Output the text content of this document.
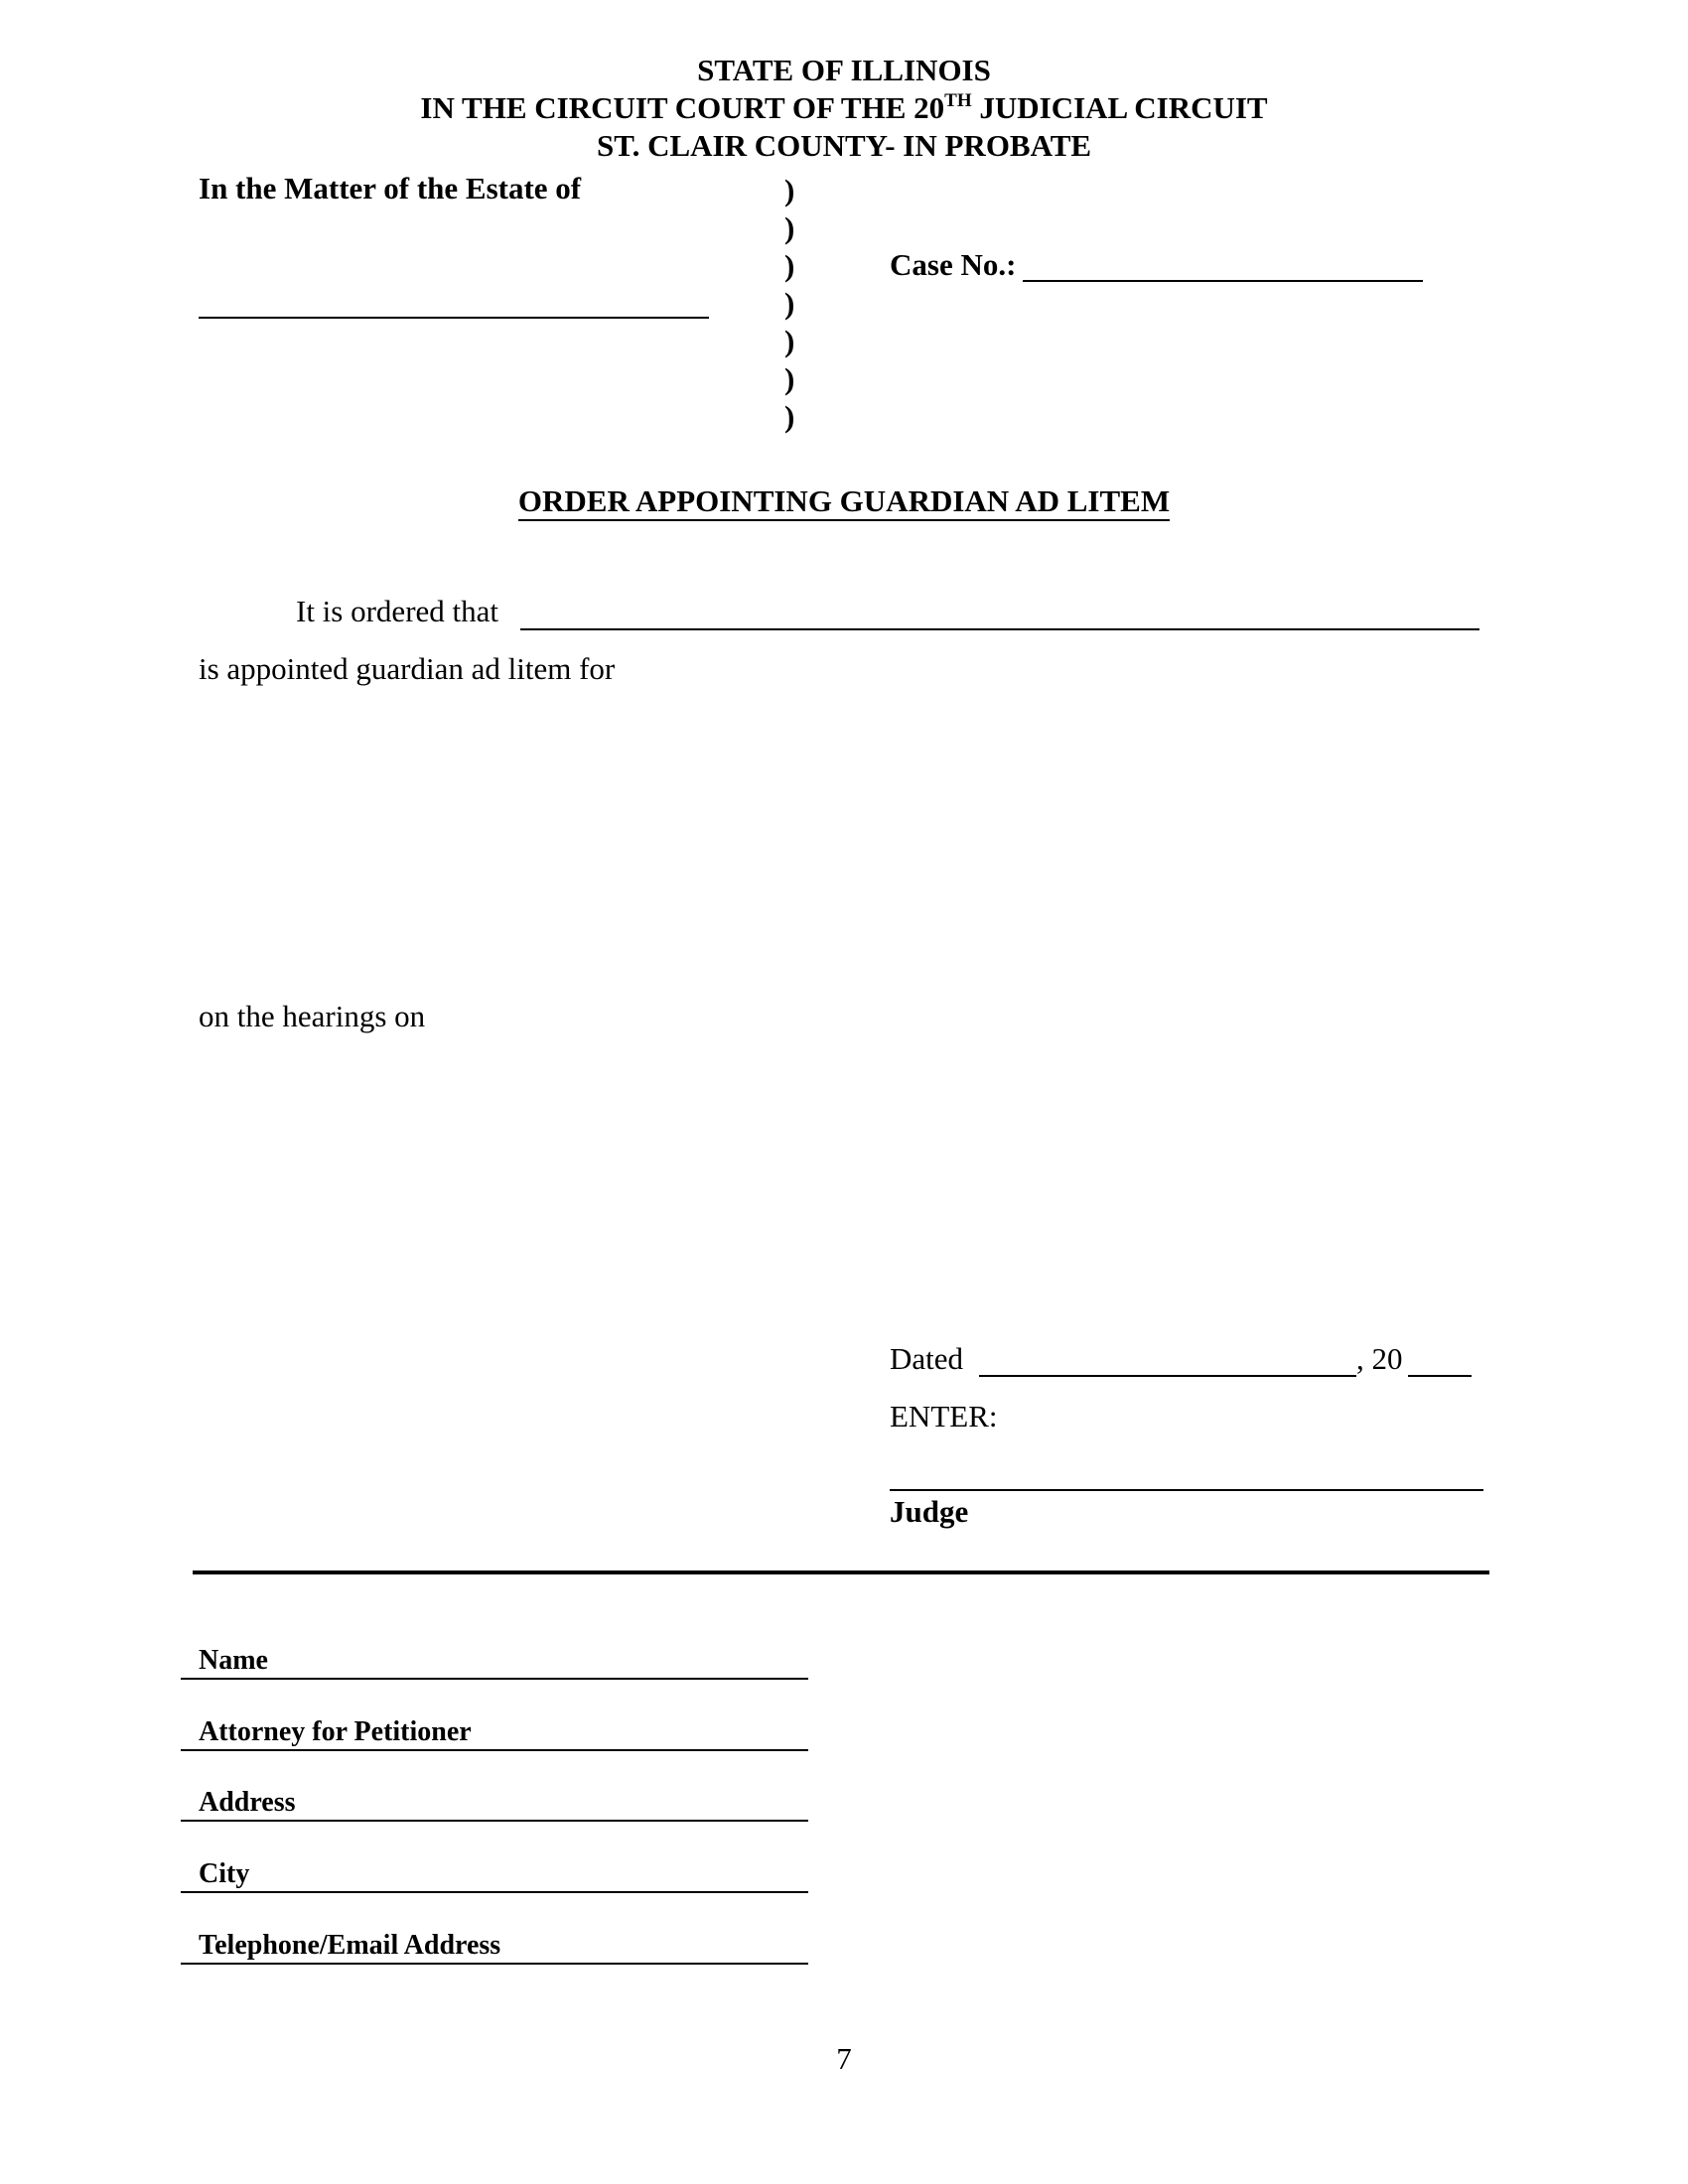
STATE OF ILLINOIS
IN THE CIRCUIT COURT OF THE 20TH JUDICIAL CIRCUIT
ST. CLAIR COUNTY- IN PROBATE
In the Matter of the Estate of	)
)
)
)
)
)
)
Case No.:
ORDER APPOINTING GUARDIAN AD LITEM
It is ordered that
is appointed guardian ad litem for
on the hearings on
Dated	, 20
ENTER:
Judge
Name
Attorney for Petitioner
Address
City
Telephone/Email Address
7
